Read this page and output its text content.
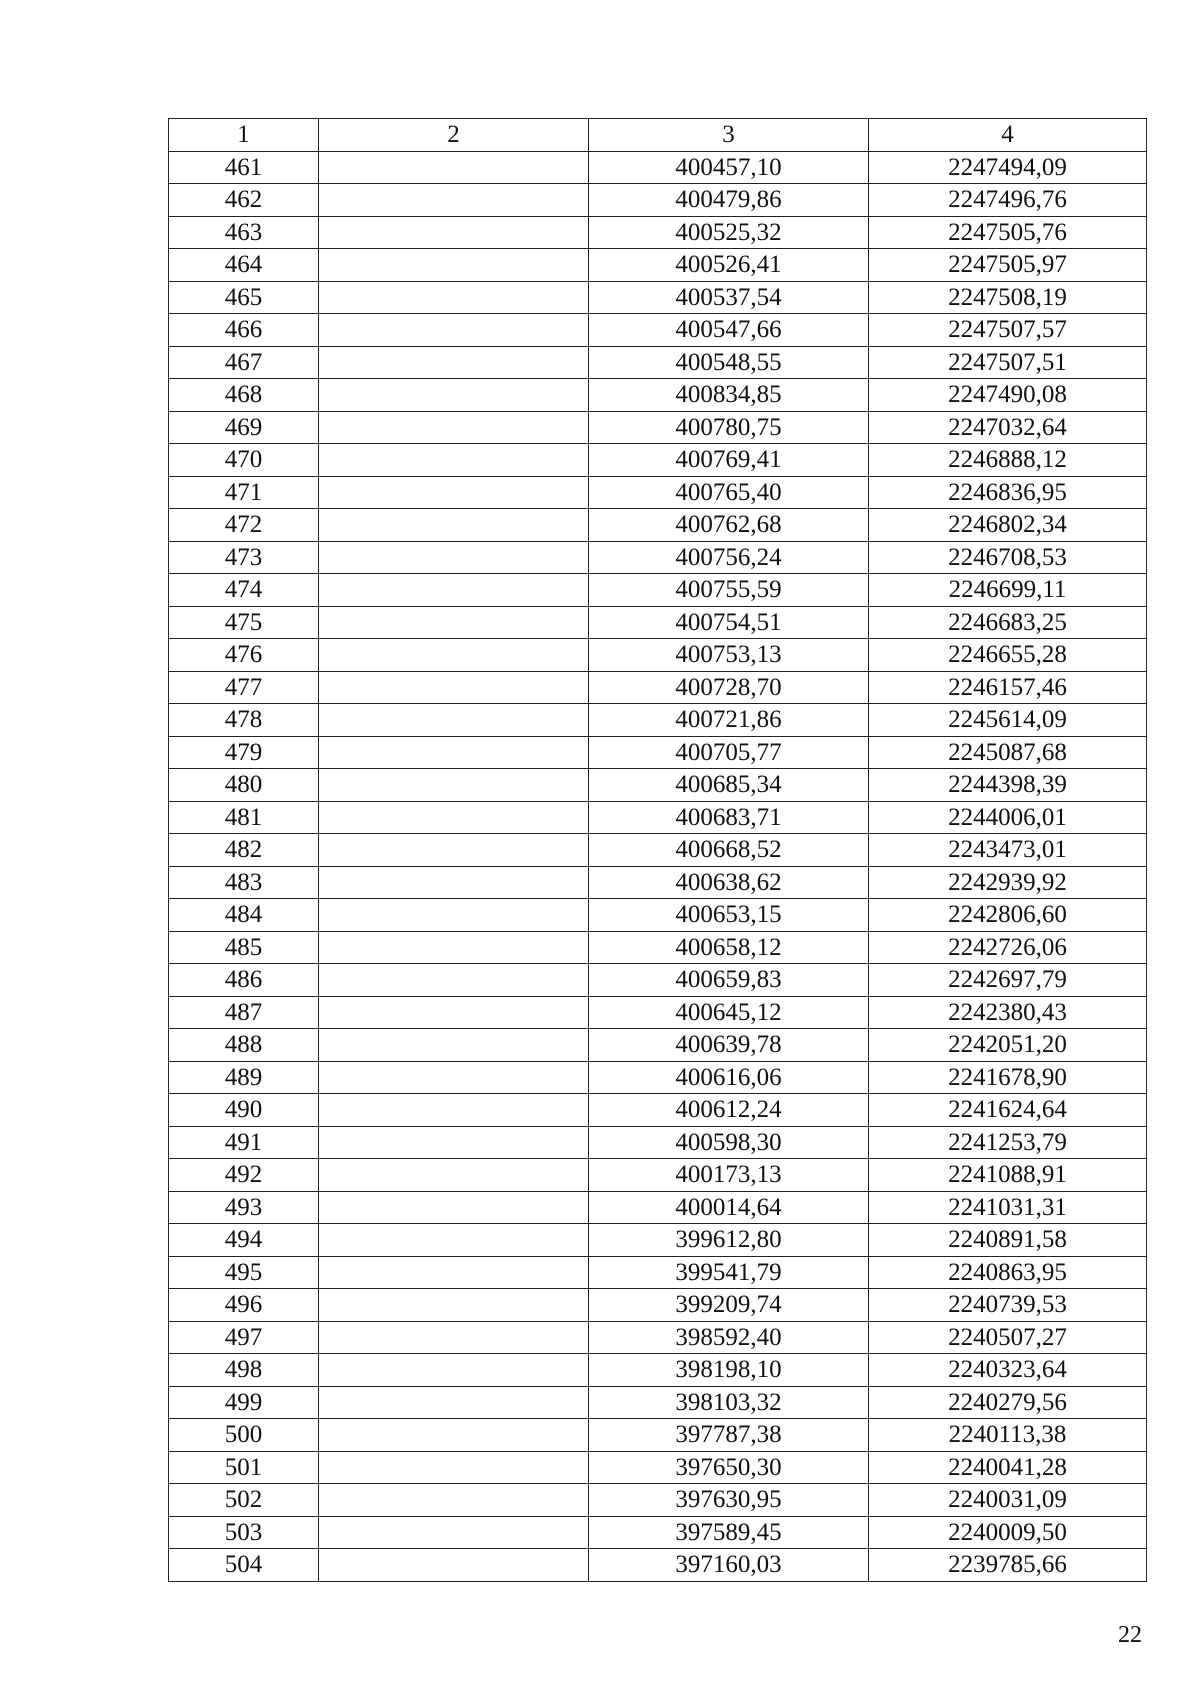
1	2	3	4
461		400457,10	2247494,09
462		400479,86	2247496,76
463		400525,32	2247505,76
464		400526,41	2247505,97
465		400537,54	2247508,19
466		400547,66	2247507,57
467		400548,55	2247507,51
468		400834,85	2247490,08
469		400780,75	2247032,64
470		400769,41	2246888,12
471		400765,40	2246836,95
472		400762,68	2246802,34
473		400756,24	2246708,53
474		400755,59	2246699,11
475		400754,51	2246683,25
476		400753,13	2246655,28
477		400728,70	2246157,46
478		400721,86	2245614,09
479		400705,77	2245087,68
480		400685,34	2244398,39
481		400683,71	2244006,01
482		400668,52	2243473,01
483		400638,62	2242939,92
484		400653,15	2242806,60
485		400658,12	2242726,06
486		400659,83	2242697,79
487		400645,12	2242380,43
488		400639,78	2242051,20
489		400616,06	2241678,90
490		400612,24	2241624,64
491		400598,30	2241253,79
492		400173,13	2241088,91
493		400014,64	2241031,31
494		399612,80	2240891,58
495		399541,79	2240863,95
496		399209,74	2240739,53
497		398592,40	2240507,27
498		398198,10	2240323,64
499		398103,32	2240279,56
500		397787,38	2240113,38
501		397650,30	2240041,28
502		397630,95	2240031,09
503		397589,45	2240009,50
504		397160,03	2239785,66
22
